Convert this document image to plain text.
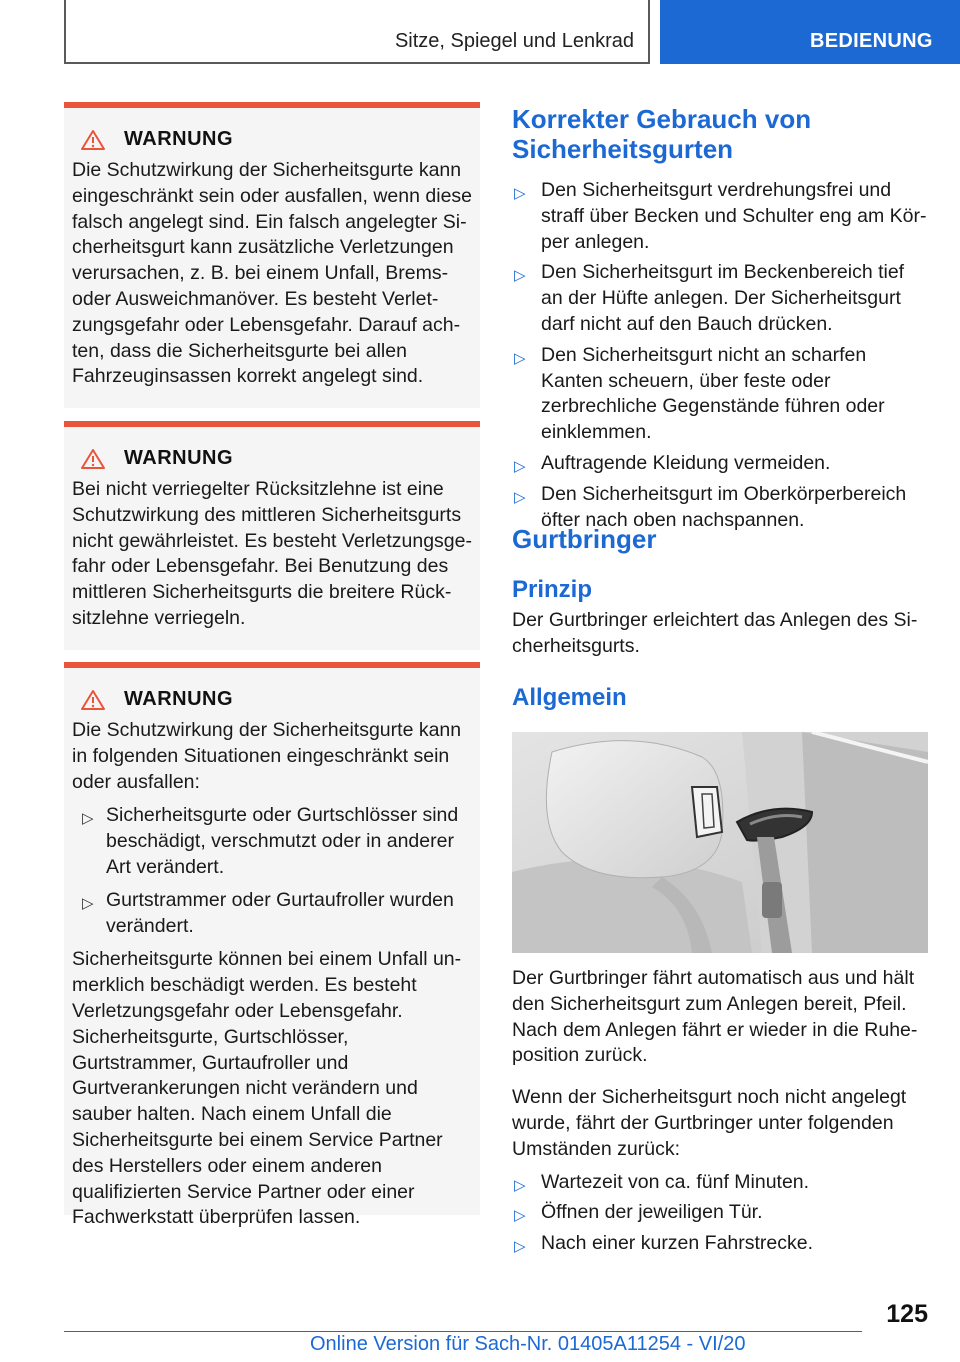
Sitze, Spiegel und Lenkrad	BEDIENUNG
WARNUNG

Die Schutzwirkung der Sicherheitsgurte kann eingeschränkt sein oder ausfallen, wenn diese falsch angelegt sind. Ein falsch angelegter Sicherheitsgurt kann zusätzliche Verletzungen verursachen, z. B. bei einem Unfall, Bremsoder Ausweichmanöver. Es besteht Verletzungsgefahr oder Lebensgefahr. Darauf achten, dass die Sicherheitsgurte bei allen Fahrzeuginsassen korrekt angelegt sind.

WARNUNG

Bei nicht verriegelter Rücksitzlehne ist eine Schutzwirkung des mittleren Sicherheitsgurts nicht gewährleistet. Es besteht Verletzungsgefahr oder Lebensgefahr. Bei Benutzung des mittleren Sicherheitsgurts die breitere Rücksitzlehne verriegeln.

WARNUNG

Die Schutzwirkung der Sicherheitsgurte kann in folgenden Situationen eingeschränkt sein oder ausfallen:

▷ Sicherheitsgurte oder Gurtschlösser sind beschädigt, verschmutzt oder in anderer Art verändert.
▷ Gurtstrammer oder Gurtaufroller wurden verändert.

Sicherheitsgurte können bei einem Unfall unmerklich beschädigt werden. Es besteht Verletzungsgefahr oder Lebensgefahr. Sicherheitsgurte, Gurtschlösser, Gurtstrammer, Gurtaufroller und Gurtverankerungen nicht verändern und sauber halten. Nach einem Unfall die Sicherheitsgurte bei einem Service Partner des Herstellers oder einem anderen qualifizierten Service Partner oder einer Fachwerkstatt überprüfen lassen.

Korrekter Gebrauch von Sicherheitsgurten
▷ Den Sicherheitsgurt verdrehungsfrei und straff über Becken und Schulter eng am Körper anlegen.
▷ Den Sicherheitsgurt im Beckenbereich tief an der Hüfte anlegen. Der Sicherheitsgurt darf nicht auf den Bauch drücken.
▷ Den Sicherheitsgurt nicht an scharfen Kanten scheuern, über feste oder zerbrechliche Gegenstände führen oder einklemmen.
▷ Auftragende Kleidung vermeiden.
▷ Den Sicherheitsgurt im Oberkörperbereich öfter nach oben nachspannen.
Gurtbringer
Prinzip

Der Gurtbringer erleichtert das Anlegen des Sicherheitsgurts.

Allgemein

Der Gurtbringer fährt automatisch aus und hält den Sicherheitsgurt zum Anlegen bereit, Pfeil. Nach dem Anlegen fährt er wieder in die Ruheposition zurück.

Wenn der Sicherheitsgurt noch nicht angelegt wurde, fährt der Gurtbringer unter folgenden Umständen zurück:

▷ Wartezeit von ca. fünf Minuten.
▷ Öffnen der jeweiligen Tür.
▷ Nach einer kurzen Fahrstrecke.
125
Online Version für Sach-Nr. 01405A11254 - VI/20
